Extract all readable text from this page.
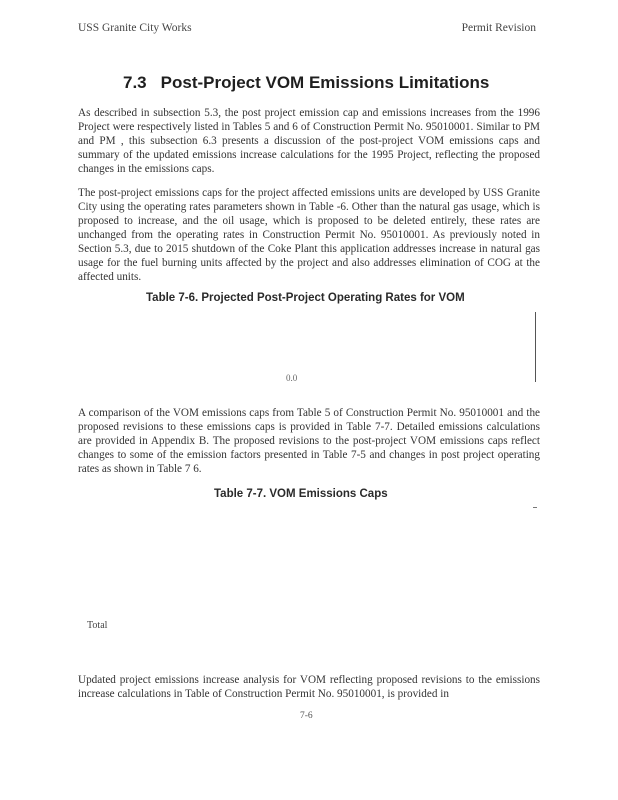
USS Granite City Works	Permit Revision
7.3 Post-Project VOM Emissions Limitations

As described in subsection 5.3, the post project emission cap and emissions increases from the 1996 Project were respectively listed in Tables 5 and 6 of Construction Permit No. 95010001. Similar to PM and PM , this subsection 6.3 presents a discussion of the post-project VOM emissions caps and summary of the updated emissions increase calculations for the 1995 Project, reflecting the proposed changes in the emissions caps.

The post-project emissions caps for the project affected emissions units are developed by USS Granite City using the operating rates parameters shown in Table -6. Other than the natural gas usage, which is proposed to increase, and the oil usage, which is proposed to be deleted entirely, these rates are unchanged from the operating rates in Construction Permit No. 95010001. As previously noted in Section 5.3, due to 2015 shutdown of the Coke Plant this application addresses increase in natural gas usage for the fuel burning units affected by the project and also addresses elimination of COG at the affected units.

Table 7-6. Projected Post-Project Operating Rates for VOM
0.0

A comparison of the VOM emissions caps from Table 5 of Construction Permit No. 95010001 and the proposed revisions to these emissions caps is provided in Table 7-7. Detailed emissions calculations are provided in Appendix B. The proposed revisions to the post-project VOM emissions caps reflect changes to some of the emission factors presented in Table 7-5 and changes in post project operating rates as shown in Table 7 6.

Table 7-7. VOM Emissions Caps
Total

Updated project emissions increase analysis for VOM reflecting proposed revisions to the emissions increase calculations in Table of Construction Permit No. 95010001, is provided in

7-6
